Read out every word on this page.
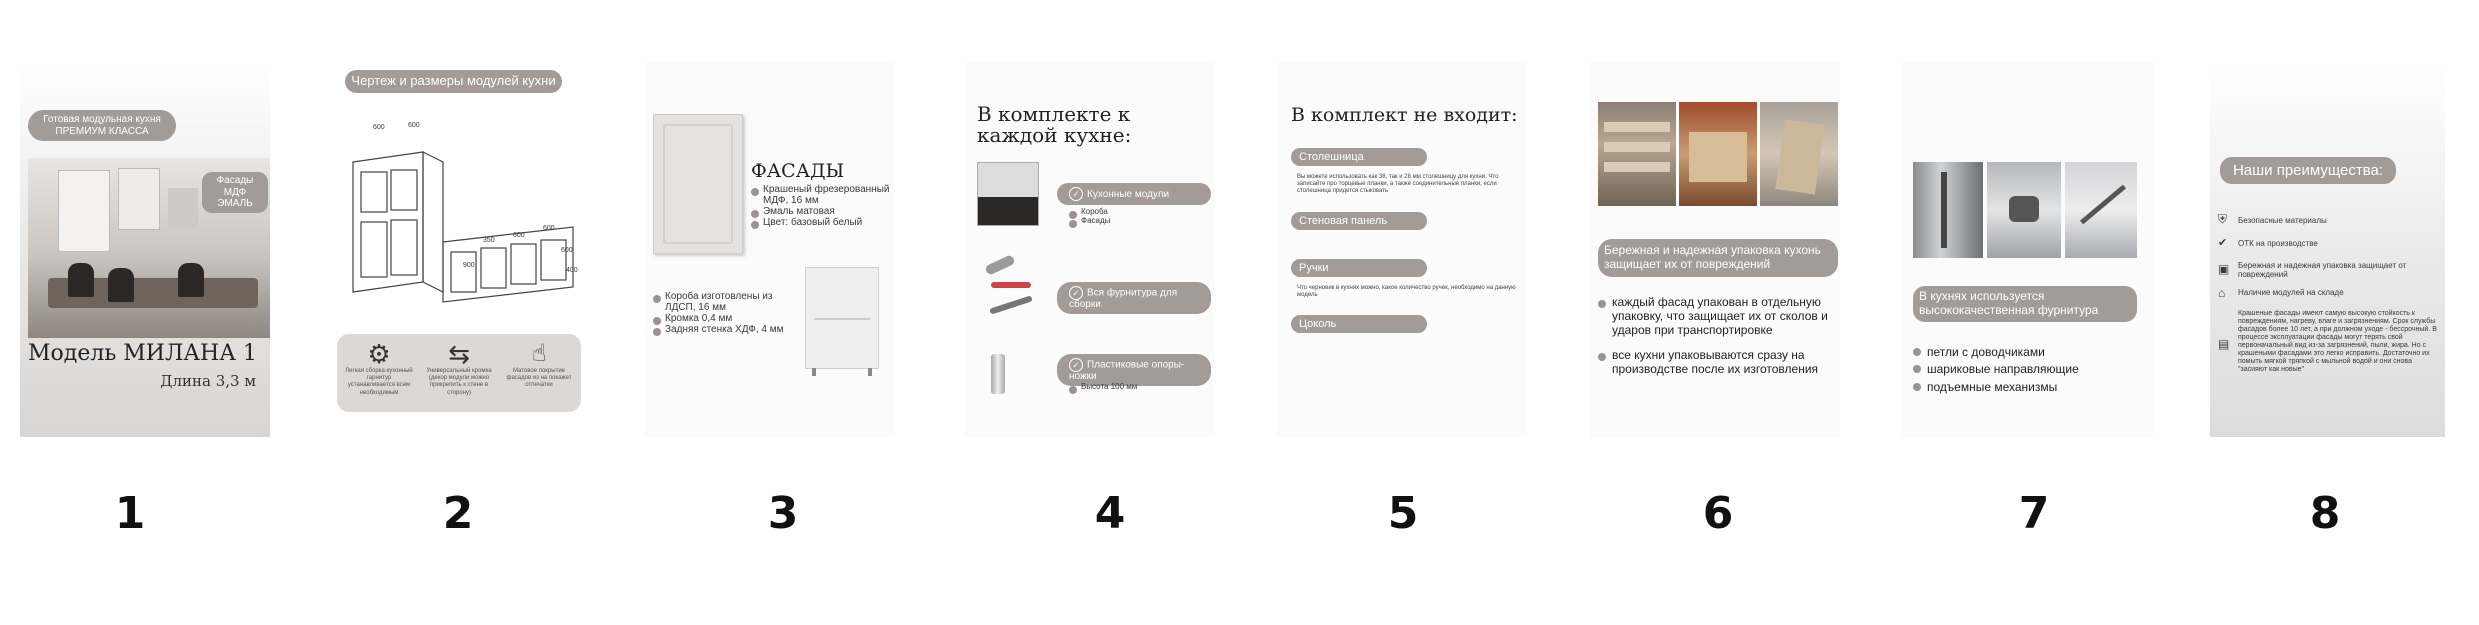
Готовая модульная кухня ПРЕМИУМ КЛАССА
Фасады
МДФ
ЭМАЛЬ
Модель МИЛАНА 1
Длина 3,3 м
Чертеж и размеры модулей кухни
600	600
350
600
600
600
900
400
⚙
Легкая сборка кухонный гарнитур устанавливается всем необходимым
⇆
Универсальный кромка (декор модули можно прикрепить к стене в сторону)
☝
Матовое покрытие фасадов из на покажет отпечатки
ФАСАДЫ
Крашеный фрезерованный МДФ, 16 мм
Эмаль матовая
Цвет: базовый белый
Короба изготовлены из ЛДСП, 16 мм
Кромка 0,4 мм
Задняя стенка ХДФ, 4 мм
В комплекте к каждой кухне:
✓ Кухонные модули
Короба
Фасады
✓ Вся фурнитура для сборки
✓ Пластиковые опоры-ножки
Высота 100 мм
В комплект не входит:
Столешница
Вы можете использовать как 38, так и 28 мм столешницу для кухни. Что записайте про торцевые планки, а также соединительные планки, если столешница придется стыковать
Стеновая панель
Ручки
Что черновик в кухнях можно, какое количество ручек, необходимо на данную модель
Цоколь
Бережная и надежная упаковка кухонь защищает их от повреждений
каждый фасад упакован в отдельную упаковку, что защищает их от сколов и ударов при транспортировке
все кухни упаковываются сразу на производстве после их изготовления
В кухнях используется высококачественная фурнитура
петли с доводчиками
шариковые направляющие
подъемные механизмы
Наши преимущества:
⛨ Безопасные материалы
✔ ОТК на производстве
▣ Бережная и надежная упаковка защищает от повреждений
⌂ Наличие модулей на складе
▤
Крашеные фасады имеют самую высокую стойкость к повреждениям, нагреву, влаге и загрязнениям. Срок службы фасадов более 10 лет, а при должном уходе - бессрочный. В процессе эксплуатации фасады могут терять свой первоначальный вид из-за загрязнений, пыли, жира. Но с крашеными фасадами это легко исправить. Достаточно их помыть мягкой тряпкой с мыльной водой и они снова "засияют как новые"
1	2	3	4	5	6	7	8
